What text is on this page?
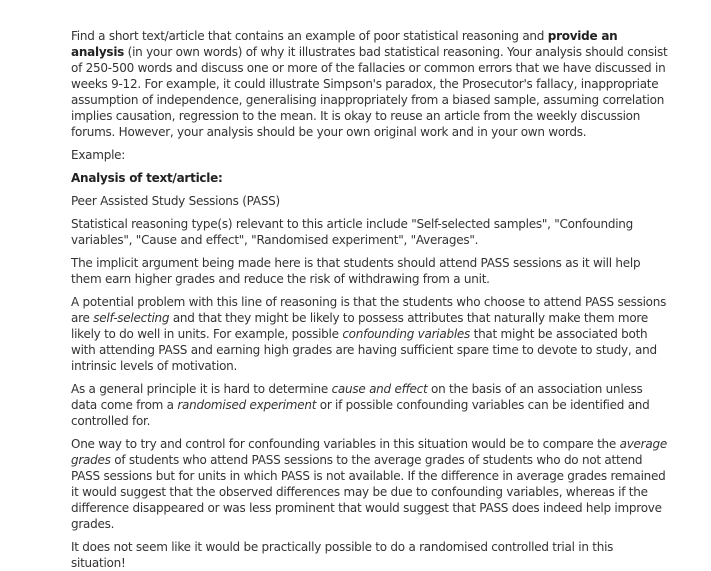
Find a short text/article that contains an example of poor statistical reasoning and provide an analysis (in your own words) of why it illustrates bad statistical reasoning. Your analysis should consist of 250-500 words and discuss one or more of the fallacies or common errors that we have discussed in weeks 9-12. For example, it could illustrate Simpson's paradox, the Prosecutor's fallacy, inappropriate assumption of independence, generalising inappropriately from a biased sample, assuming correlation implies causation, regression to the mean. It is okay to reuse an article from the weekly discussion forums. However, your analysis should be your own original work and in your own words.

Example:

Analysis of text/article:

Peer Assisted Study Sessions (PASS)

Statistical reasoning type(s) relevant to this article include "Self-selected samples", "Confounding variables", "Cause and effect", "Randomised experiment", "Averages".

The implicit argument being made here is that students should attend PASS sessions as it will help them earn higher grades and reduce the risk of withdrawing from a unit.

A potential problem with this line of reasoning is that the students who choose to attend PASS sessions are self-selecting and that they might be likely to possess attributes that naturally make them more likely to do well in units. For example, possible confounding variables that might be associated both with attending PASS and earning high grades are having sufficient spare time to devote to study, and intrinsic levels of motivation.

As a general principle it is hard to determine cause and effect on the basis of an association unless data come from a randomised experiment or if possible confounding variables can be identified and controlled for.

One way to try and control for confounding variables in this situation would be to compare the average grades of students who attend PASS sessions to the average grades of students who do not attend PASS sessions but for units in which PASS is not available. If the difference in average grades remained it would suggest that the observed differences may be due to confounding variables, whereas if the difference disappeared or was less prominent that would suggest that PASS does indeed help improve grades.

It does not seem like it would be practically possible to do a randomised controlled trial in this situation!
